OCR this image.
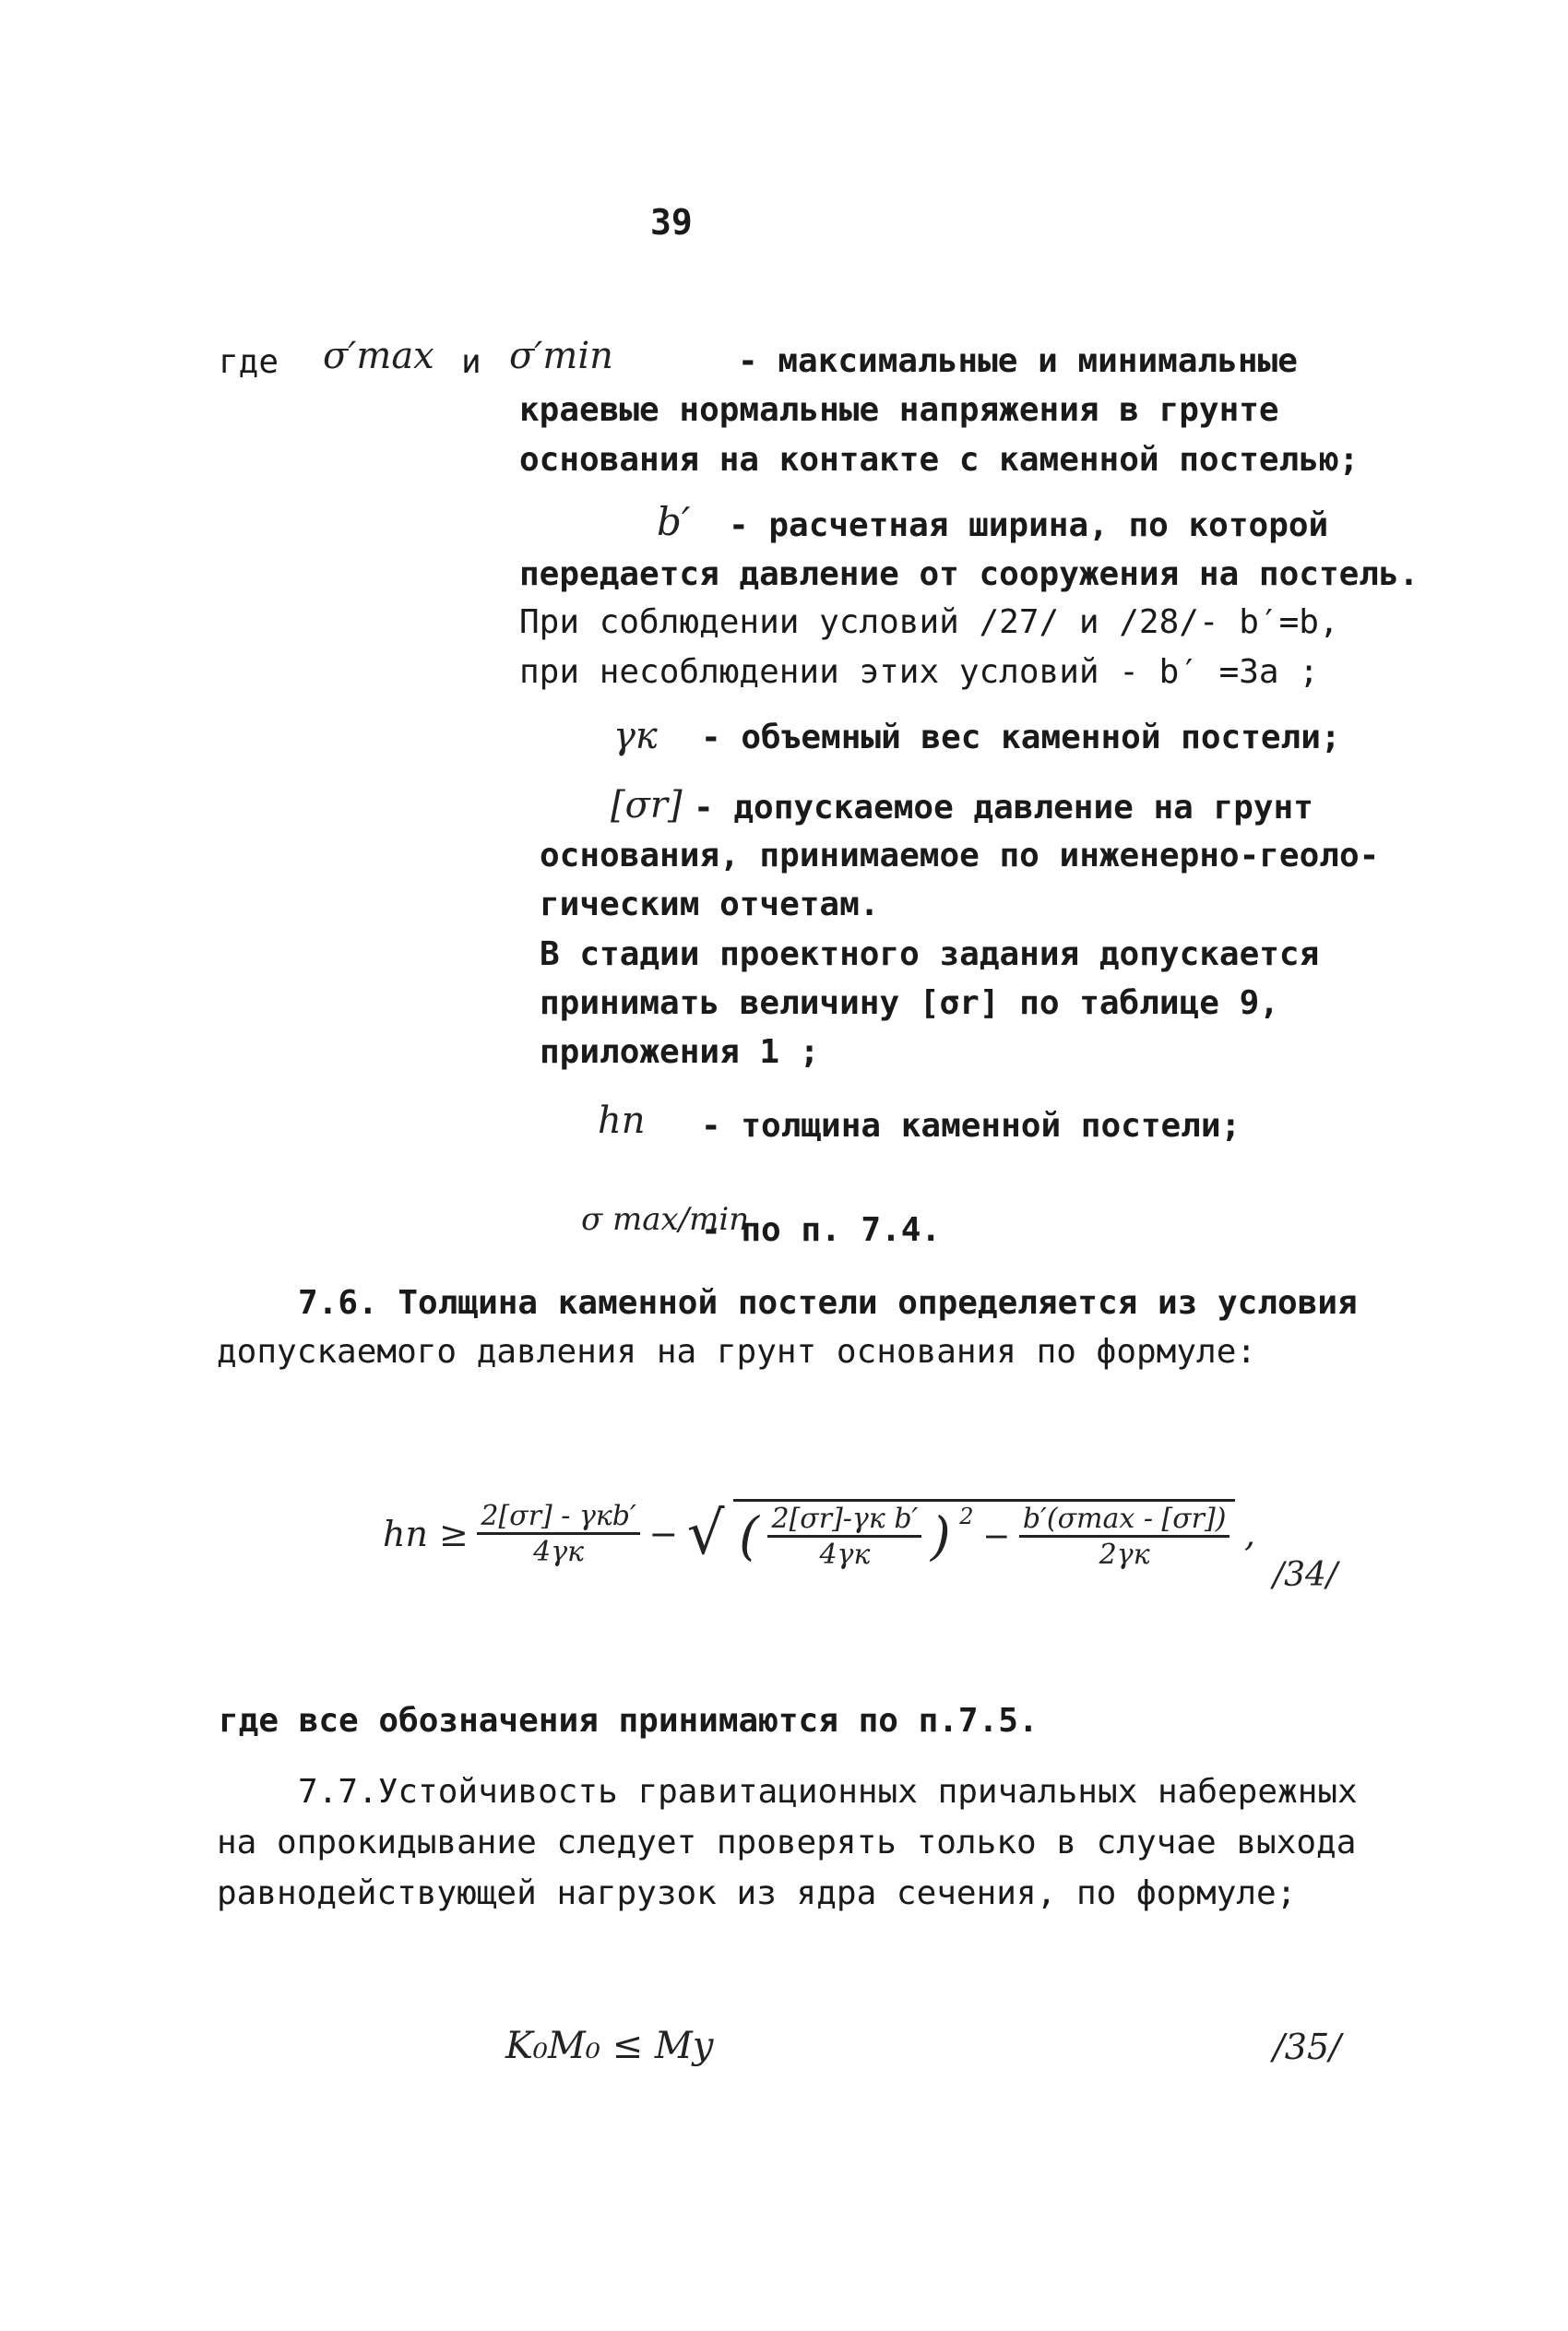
39
где σ′max и σ′min	- максимальные и минимальные
краевые нормальные напряжения в грунте
основания на контакте с каменной постелью;
b′ - расчетная ширина, по которой
передается давление от сооружения на постель.
При соблюдении условий /27/ и /28/- b′=b,
при несоблюдении этих условий - b′ =3а ;
γк - объемный вес каменной постели;
[σr] - допускаемое давление на грунт
основания, принимаемое по инженерно-геоло-
гическим отчетам.
В стадии проектного задания допускается
принимать величину [σr] по таблице 9,
приложения 1 ;
hп - толщина каменной постели;
σ max/min
- по п. 7.4.
7.6. Толщина каменной постели определяется из условия
допускаемого давления на грунт основания по формуле:
hп ≥ $\frac{\text{2[σr] - γкb′}}{4\gamma к}$ − √ ( $\frac{\text{2[σr]-γк b′}}{4\gamma к}$ ) $^2 - \frac{b'(\sigma\max - [\sigma r])}{2\gamma к}$ ,
/34/
где все обозначения принимаются по п.7.5.
7.7.Устойчивость гравитационных причальных набережных
на опрокидывание следует проверять только в случае выхода
равнодействующей нагрузок из ядра сечения, по формуле;
K₀M₀ ≤ Mу	/35/
